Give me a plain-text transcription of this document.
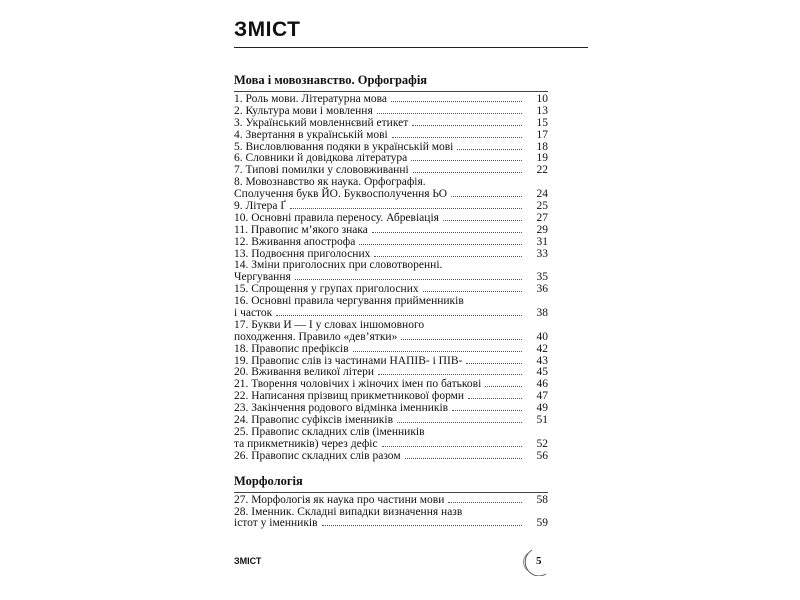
ЗМІСТ
Мова і мовознавство. Орфографія
1. Роль мови. Літературна мова	10
2. Культура мови і мовлення	13
3. Український мовленнєвий етикет	15
4. Звертання в українській мові	17
5. Висловлювання подяки в українській мові	18
6. Словники й довідкова література	19
7. Типові помилки у слововживанні	22
8. Мовознавство як наука. Орфографія.
Сполучення букв ЙО. Буквосполучення ЬО	24
9. Літера Ґ	25
10. Основні правила переносу. Абревіація	27
11. Правопис м’якого знака	29
12. Вживання апострофа	31
13. Подвоєння приголосних	33
14. Зміни приголосних при словотворенні.
Чергування	35
15. Спрощення у групах приголосних	36
16. Основні правила чергування прийменників
і часток	38
17. Букви И — І у словах іншомовного
походження. Правило «дев’ятки»	40
18. Правопис префіксів	42
19. Правопис слів із частинами НАПІВ- і ПІВ-	43
20. Вживання великої літери	45
21. Творення чоловічих і жіночих імен по батькові	46
22. Написання прізвищ прикметникової форми	47
23. Закінчення родового відмінка іменників	49
24. Правопис суфіксів іменників	51
25. Правопис складних слів (іменників
та прикметників) через дефіс	52
26. Правопис складних слів разом	56
Морфологія
27. Морфологія як наука про частини мови	58
28. Іменник. Складні випадки визначення назв
істот у іменників	59
ЗМІСТ	5
